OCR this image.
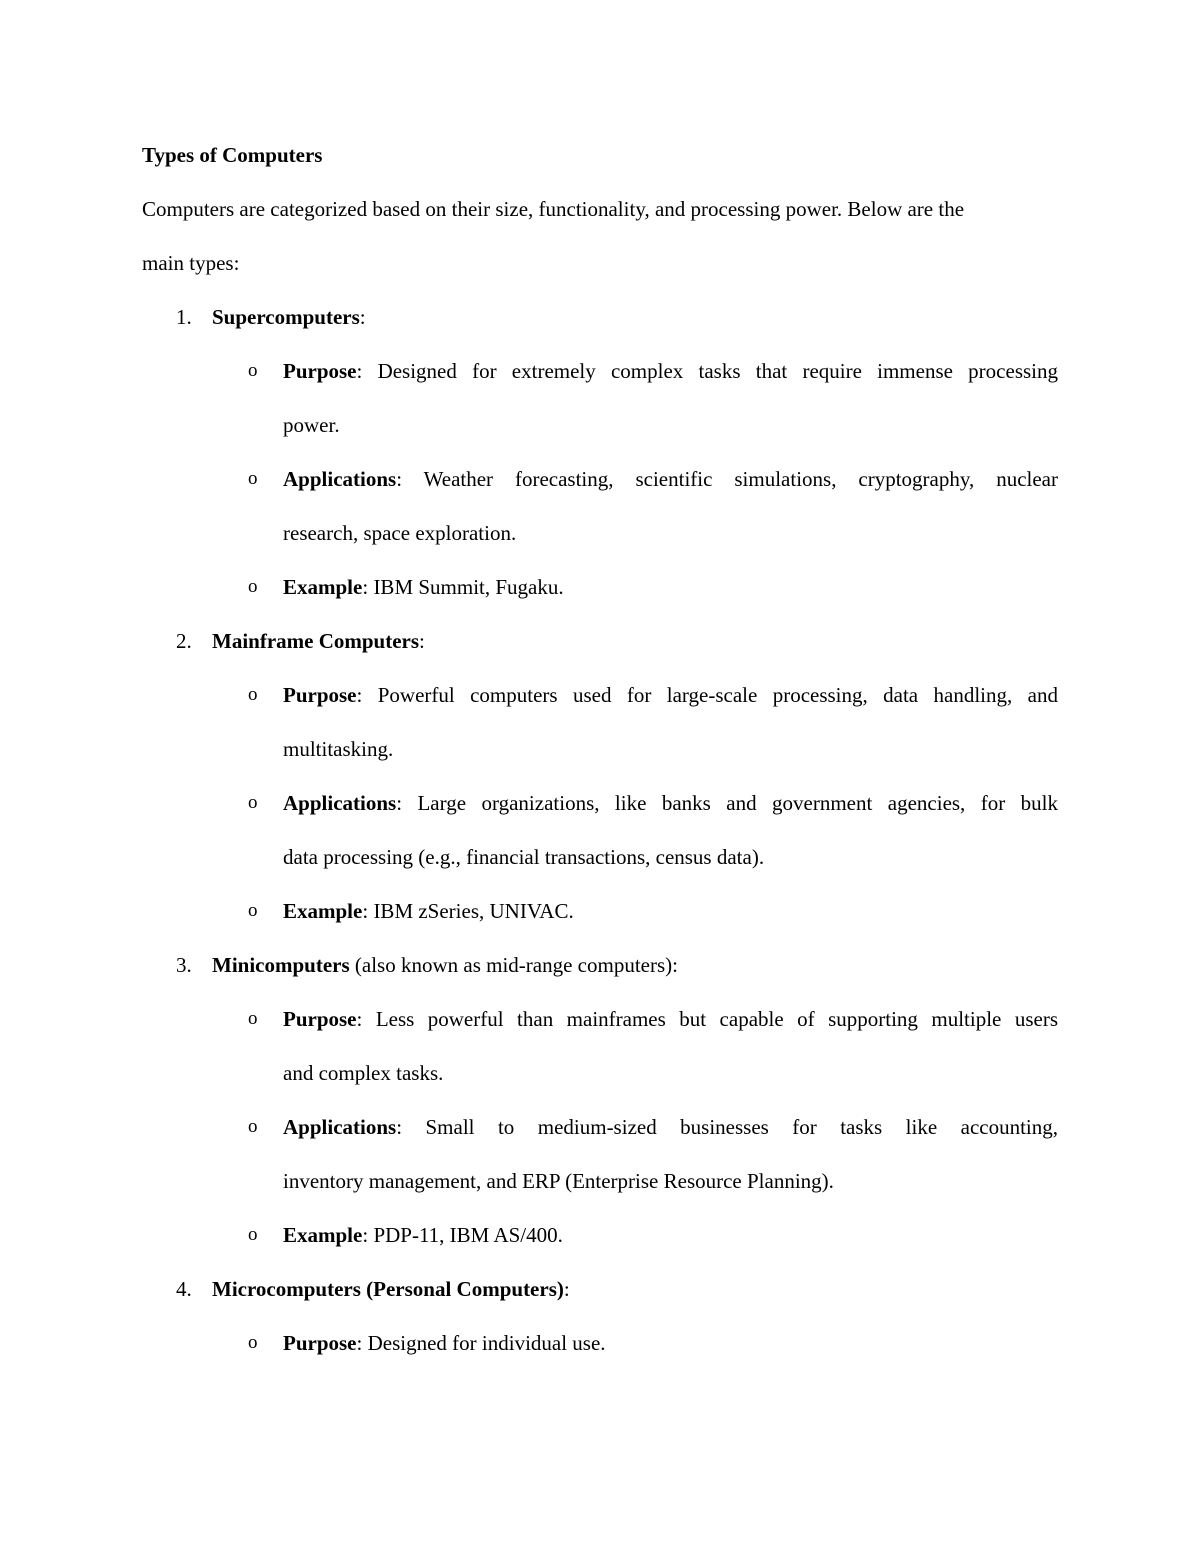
Types of Computers

Computers are categorized based on their size, functionality, and processing power. Below are the

main types:

1. Supercomputers:
o Purpose: Designed for extremely complex tasks that require immense processing
power.
o Applications: Weather forecasting, scientific simulations, cryptography, nuclear
research, space exploration.
o Example: IBM Summit, Fugaku.
2. Mainframe Computers:
o Purpose: Powerful computers used for large-scale processing, data handling, and
multitasking.
o Applications: Large organizations, like banks and government agencies, for bulk
data processing (e.g., financial transactions, census data).
o Example: IBM zSeries, UNIVAC.
3. Minicomputers (also known as mid-range computers):
o Purpose: Less powerful than mainframes but capable of supporting multiple users
and complex tasks.
o Applications: Small to medium-sized businesses for tasks like accounting,
inventory management, and ERP (Enterprise Resource Planning).
o Example: PDP-11, IBM AS/400.
4. Microcomputers (Personal Computers):
o Purpose: Designed for individual use.
